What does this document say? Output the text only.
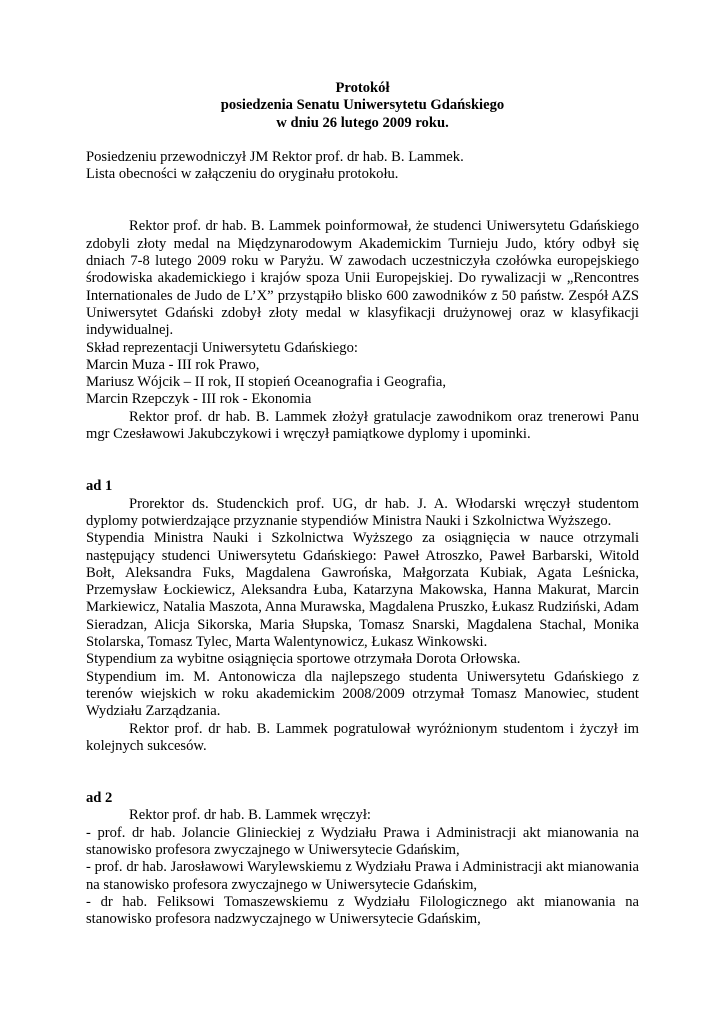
Protokół
posiedzenia Senatu Uniwersytetu Gdańskiego
w dniu 26 lutego 2009 roku.

Posiedzeniu przewodniczył JM Rektor prof. dr hab. B. Lammek.

Lista obecności w załączeniu do oryginału protokołu.

Rektor prof. dr hab. B. Lammek poinformował, że studenci Uniwersytetu Gdańskiego zdobyli złoty medal na Międzynarodowym Akademickim Turnieju Judo, który odbył się dniach 7-8 lutego 2009 roku w Paryżu. W zawodach uczestniczyła czołówka europejskiego środowiska akademickiego i krajów spoza Unii Europejskiej. Do rywalizacji w „Rencontres Internationales de Judo de L’X” przystąpiło blisko 600 zawodników z 50 państw. Zespół AZS Uniwersytet Gdański zdobył złoty medal w klasyfikacji drużynowej oraz w klasyfikacji indywidualnej.

Skład reprezentacji Uniwersytetu Gdańskiego:

Marcin Muza - III rok Prawo,

Mariusz Wójcik – II rok, II stopień Oceanografia i Geografia,

Marcin Rzepczyk - III rok - Ekonomia

Rektor prof. dr hab. B. Lammek złożył gratulacje zawodnikom oraz trenerowi Panu mgr Czesławowi Jakubczykowi i wręczył pamiątkowe dyplomy i upominki.

ad 1

Prorektor ds. Studenckich prof. UG, dr hab. J. A. Włodarski wręczył studentom dyplomy potwierdzające przyznanie stypendiów Ministra Nauki i Szkolnictwa Wyższego.

Stypendia Ministra Nauki i Szkolnictwa Wyższego za osiągnięcia w nauce otrzymali następujący studenci Uniwersytetu Gdańskiego: Paweł Atroszko, Paweł Barbarski, Witold Bołt, Aleksandra Fuks, Magdalena Gawrońska, Małgorzata Kubiak, Agata Leśnicka, Przemysław Łockiewicz, Aleksandra Łuba, Katarzyna Makowska, Hanna Makurat, Marcin Markiewicz, Natalia Maszota, Anna Murawska, Magdalena Pruszko, Łukasz Rudziński, Adam Sieradzan, Alicja Sikorska, Maria Słupska, Tomasz Snarski, Magdalena Stachal, Monika Stolarska, Tomasz Tylec, Marta Walentynowicz, Łukasz Winkowski.

Stypendium za wybitne osiągnięcia sportowe otrzymała Dorota Orłowska.

Stypendium im. M. Antonowicza dla najlepszego studenta Uniwersytetu Gdańskiego z terenów wiejskich w roku akademickim 2008/2009 otrzymał Tomasz Manowiec, student Wydziału Zarządzania.

Rektor prof. dr hab. B. Lammek pogratulował wyróżnionym studentom i życzył im kolejnych sukcesów.

ad 2

Rektor prof. dr hab. B. Lammek wręczył:

- prof. dr hab. Jolancie Glinieckiej z Wydziału Prawa i Administracji akt mianowania na stanowisko profesora zwyczajnego w Uniwersytecie Gdańskim,

- prof. dr hab. Jarosławowi Warylewskiemu z Wydziału Prawa i Administracji akt mianowania na stanowisko profesora zwyczajnego w Uniwersytecie Gdańskim,

- dr hab. Feliksowi Tomaszewskiemu z Wydziału Filologicznego akt mianowania na stanowisko profesora nadzwyczajnego w Uniwersytecie Gdańskim,
